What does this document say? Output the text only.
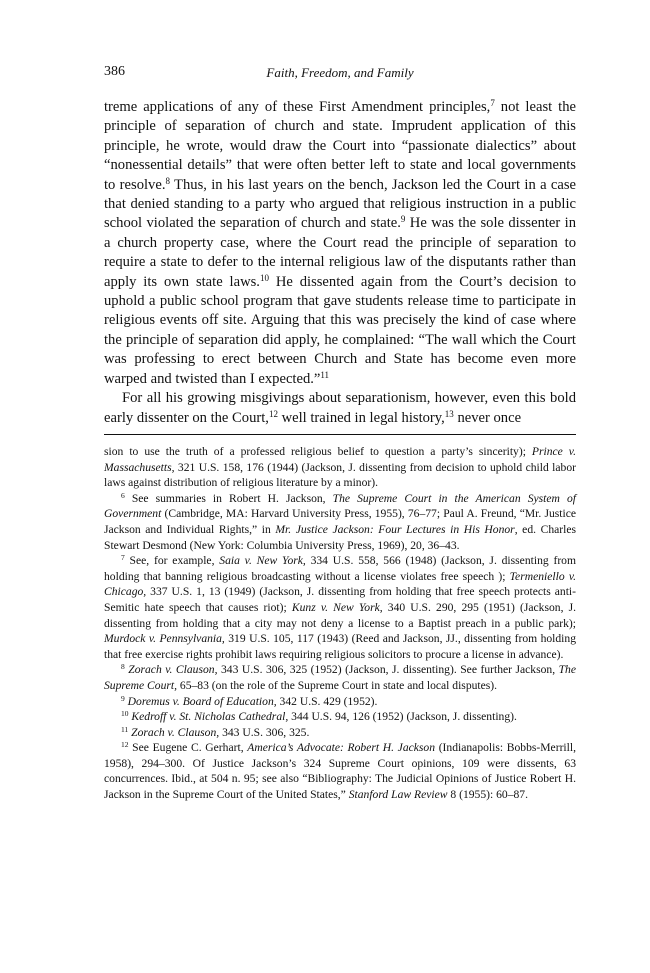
386	Faith, Freedom, and Family

treme applications of any of these First Amendment principles,$^7$ not least the principle of separation of church and state. Imprudent application of this principle, he wrote, would draw the Court into “passionate dialectics” about “nonessential details” that were often better left to state and local governments to resolve.$^8$ Thus, in his last years on the bench, Jackson led the Court in a case that denied standing to a party who argued that religious instruction in a public school violated the separation of church and state.$^9$ He was the sole dissenter in a church property case, where the Court read the principle of separation to require a state to defer to the internal religious law of the disputants rather than apply its own state laws.$^{10}$ He dissented again from the Court’s decision to uphold a public school program that gave students release time to participate in religious events off site. Arguing that this was precisely the kind of case where the principle of separation did apply, he complained: “The wall which the Court was professing to erect between Church and State has become even more warped and twisted than I expected.”$^{11}$

For all his growing misgivings about separationism, however, even this bold early dissenter on the Court,$^{12}$ well trained in legal history,$^{13}$ never once

sion to use the truth of a professed religious belief to question a party’s sincerity); Prince v. Massachusetts, 321 U.S. 158, 176 (1944) (Jackson, J. dissenting from decision to uphold child labor laws against distribution of religious literature by a minor).

$^6$ See summaries in Robert H. Jackson, The Supreme Court in the American System of Government (Cambridge, MA: Harvard University Press, 1955), 76–77; Paul A. Freund, “Mr. Justice Jackson and Individual Rights,” in Mr. Justice Jackson: Four Lectures in His Honor, ed. Charles Stewart Desmond (New York: Columbia University Press, 1969), 20, 36–43.

$^7$ See, for example, Saia v. New York, 334 U.S. 558, 566 (1948) (Jackson, J. dissenting from holding that banning religious broadcasting without a license violates free speech ); Termeniello v. Chicago, 337 U.S. 1, 13 (1949) (Jackson, J. dissenting from holding that free speech protects anti-Semitic hate speech that causes riot); Kunz v. New York, 340 U.S. 290, 295 (1951) (Jackson, J. dissenting from holding that a city may not deny a license to a Baptist preach in a public park); Murdock v. Pennsylvania, 319 U.S. 105, 117 (1943) (Reed and Jackson, JJ., dissenting from holding that free exercise rights prohibit laws requiring religious solicitors to procure a license in advance).

$^8$ Zorach v. Clauson, 343 U.S. 306, 325 (1952) (Jackson, J. dissenting). See further Jackson, The Supreme Court, 65–83 (on the role of the Supreme Court in state and local disputes).

$^9$ Doremus v. Board of Education, 342 U.S. 429 (1952).

$^{10}$ Kedroff v. St. Nicholas Cathedral, 344 U.S. 94, 126 (1952) (Jackson, J. dissenting).

$^{11}$ Zorach v. Clauson, 343 U.S. 306, 325.

$^{12}$ See Eugene C. Gerhart, America’s Advocate: Robert H. Jackson (Indianapolis: Bobbs-Merrill, 1958), 294–300. Of Justice Jackson’s 324 Supreme Court opinions, 109 were dissents, 63 concurrences. Ibid., at 504 n. 95; see also “Bibliography: The Judicial Opinions of Justice Robert H. Jackson in the Supreme Court of the United States,” Stanford Law Review 8 (1955): 60–87.
